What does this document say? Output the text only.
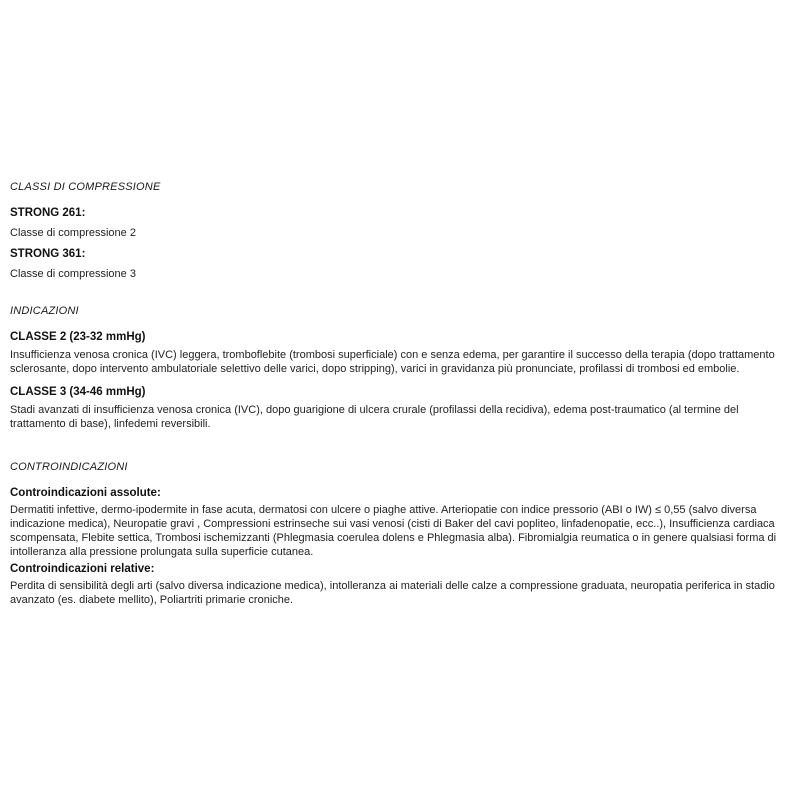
CLASSI DI COMPRESSIONE

STRONG 261:

Classe di compressione 2

STRONG 361:

Classe di compressione 3

INDICAZIONI

CLASSE 2 (23-32 mmHg)

Insufficienza venosa cronica (IVC) leggera, tromboflebite (trombosi superficiale) con e senza edema, per garantire il successo della terapia (dopo trattamento sclerosante, dopo intervento ambulatoriale selettivo delle varici, dopo stripping), varici in gravidanza più pronunciate, profilassi di trombosi ed embolie.

CLASSE 3 (34-46 mmHg)

Stadi avanzati di insufficienza venosa cronica (IVC), dopo guarigione di ulcera crurale (profilassi della recidiva), edema post-traumatico (al termine del trattamento di base), linfedemi reversibili.

CONTROINDICAZIONI

Controindicazioni assolute:

Dermatiti infettive, dermo-ipodermite in fase acuta, dermatosi con ulcere o piaghe attive. Arteriopatie con indice pressorio (ABI o IW) ≤ 0,55 (salvo diversa indicazione medica), Neuropatie gravi , Compressioni estrinseche sui vasi venosi (cisti di Baker del cavi popliteo, linfadenopatie, ecc..), Insufficienza cardiaca scompensata, Flebite settica, Trombosi ischemizzanti (Phlegmasia coerulea dolens e Phlegmasia alba). Fibromialgia reumatica o in genere qualsiasi forma di intolleranza alla pressione prolungata sulla superficie cutanea.

Controindicazioni relative:

Perdita di sensibilità degli arti (salvo diversa indicazione medica), intolleranza ai materiali delle calze a compressione graduata, neuropatia periferica in stadio avanzato (es. diabete mellito), Poliartriti primarie croniche.
